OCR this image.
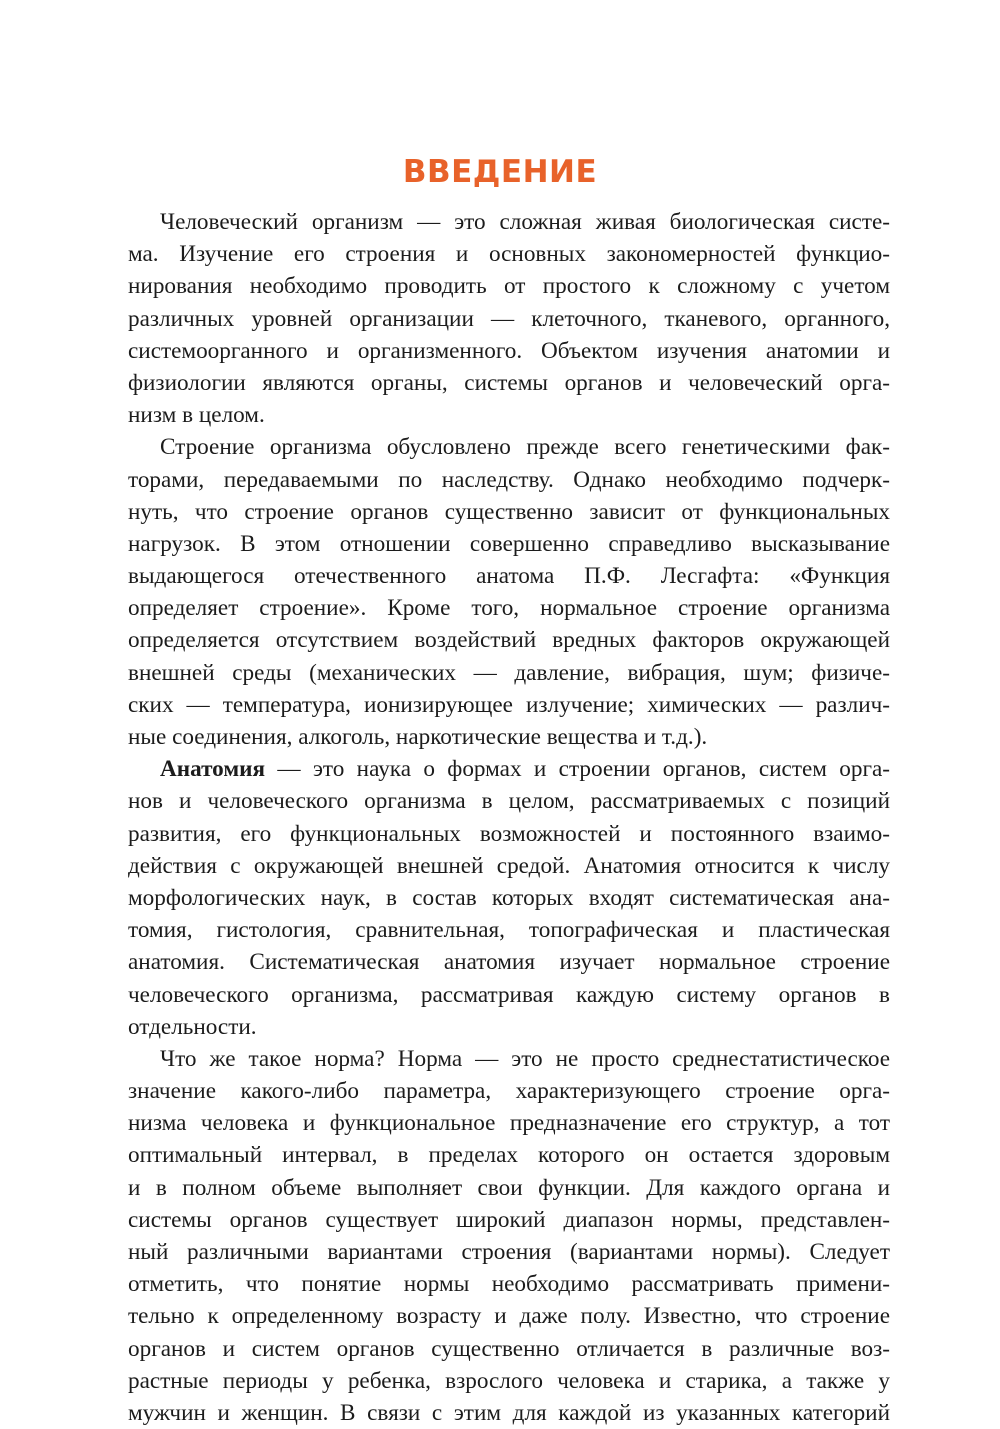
ВВЕДЕНИЕ
Человеческий организм — это сложная живая биологическая систе-
ма. Изучение его строения и основных закономерностей функцио-
нирования необходимо проводить от простого к сложному с учетом
различных уровней организации — клеточного, тканевого, органного,
системоорганного и организменного. Объектом изучения анатомии и
физиологии являются органы, системы органов и человеческий орга-
низм в целом.
Строение организма обусловлено прежде всего генетическими фак-
торами, передаваемыми по наследству. Однако необходимо подчерк-
нуть, что строение органов существенно зависит от функциональных
нагрузок. В этом отношении совершенно справедливо высказывание
выдающегося отечественного анатома П.Ф. Лесгафта: «Функция
определяет строение». Кроме того, нормальное строение организма
определяется отсутствием воздействий вредных факторов окружающей
внешней среды (механических — давление, вибрация, шум; физиче-
ских — температура, ионизирующее излучение; химических — различ-
ные соединения, алкоголь, наркотические вещества и т.д.).
Анатомия — это наука о формах и строении органов, систем орга-
нов и человеческого организма в целом, рассматриваемых с позиций
развития, его функциональных возможностей и постоянного взаимо-
действия с окружающей внешней средой. Анатомия относится к числу
морфологических наук, в состав которых входят систематическая ана-
томия, гистология, сравнительная, топографическая и пластическая
анатомия. Систематическая анатомия изучает нормальное строение
человеческого организма, рассматривая каждую систему органов в
отдельности.
Что же такое норма? Норма — это не просто среднестатистическое
значение какого-либо параметра, характеризующего строение орга-
низма человека и функциональное предназначение его структур, а тот
оптимальный интервал, в пределах которого он остается здоровым
и в полном объеме выполняет свои функции. Для каждого органа и
системы органов существует широкий диапазон нормы, представлен-
ный различными вариантами строения (вариантами нормы). Следует
отметить, что понятие нормы необходимо рассматривать примени-
тельно к определенному возрасту и даже полу. Известно, что строение
органов и систем органов существенно отличается в различные воз-
растные периоды у ребенка, взрослого человека и старика, а также у
мужчин и женщин. В связи с этим для каждой из указанных категорий
